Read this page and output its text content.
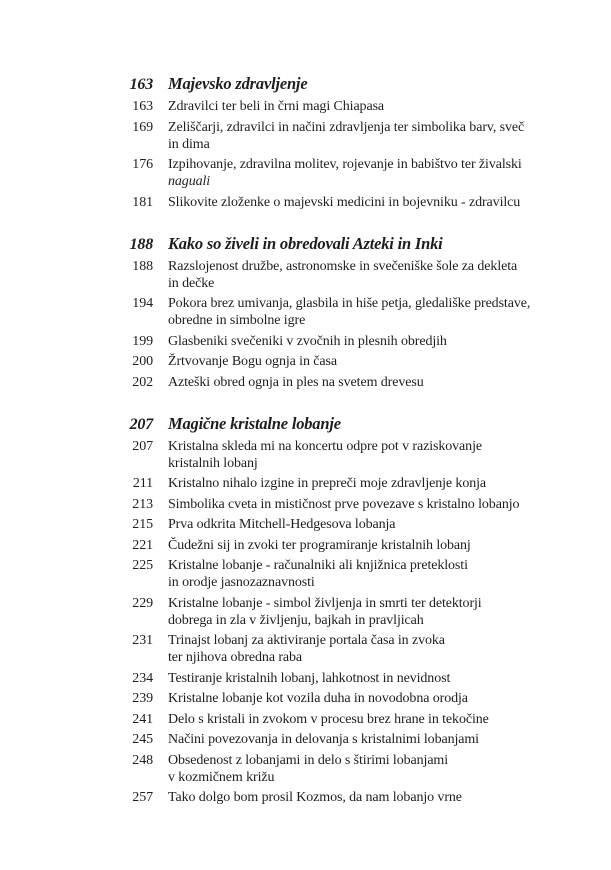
163 Majevsko zdravljenje
163 Zdravilci ter beli in črni magi Chiapasa
169 Zeliščarji, zdravilci in načini zdravljenja ter simbolika barv, sveč
in dima
176 Izpihovanje, zdravilna molitev, rojevanje in babištvo ter živalski
naguali
181 Slikovite zloženke o majevski medicini in bojevniku - zdravilcu
188 Kako so živeli in obredovali Azteki in Inki
188 Razslojenost družbe, astronomske in svečeniške šole za dekleta
in dečke
194 Pokora brez umivanja, glasbila in hiše petja, gledališke predstave,
obredne in simbolne igre
199 Glasbeniki svečeniki v zvočnih in plesnih obredjih
200 Žrtvovanje Bogu ognja in časa
202 Azteški obred ognja in ples na svetem drevesu
207 Magične kristalne lobanje
207 Kristalna skleda mi na koncertu odpre pot v raziskovanje
kristalnih lobanj
211 Kristalno nihalo izgine in prepreči moje zdravljenje konja
213 Simbolika cveta in mističnost prve povezave s kristalno lobanjo
215 Prva odkrita Mitchell-Hedgesova lobanja
221 Čudežni sij in zvoki ter programiranje kristalnih lobanj
225 Kristalne lobanje - računalniki ali knjižnica preteklosti
in orodje jasnozaznavnosti
229 Kristalne lobanje - simbol življenja in smrti ter detektorji
dobrega in zla v življenju, bajkah in pravljicah
231 Trinajst lobanj za aktiviranje portala časa in zvoka
ter njihova obredna raba
234 Testiranje kristalnih lobanj, lahkotnost in nevidnost
239 Kristalne lobanje kot vozila duha in novodobna orodja
241 Delo s kristali in zvokom v procesu brez hrane in tekočine
245 Načini povezovanja in delovanja s kristalnimi lobanjami
248 Obsedenost z lobanjami in delo s štirimi lobanjami
v kozmičnem križu
257 Tako dolgo bom prosil Kozmos, da nam lobanjo vrne
